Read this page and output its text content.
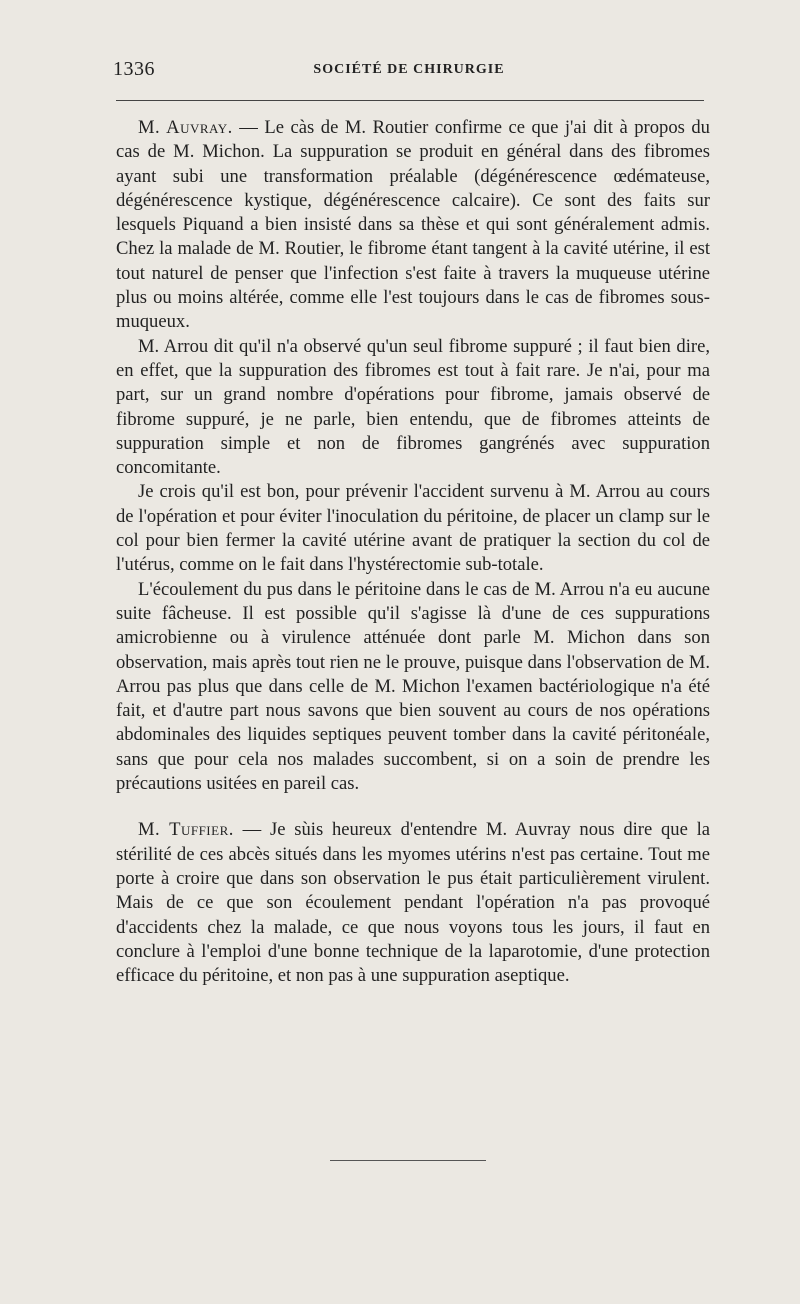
1336	SOCIÉTÉ DE CHIRURGIE

M. Auvray. — Le càs de M. Routier confirme ce que j'ai dit à propos du cas de M. Michon. La suppuration se produit en général dans des fibromes ayant subi une transformation préalable (dégénérescence œdémateuse, dégénérescence kystique, dégénérescence calcaire). Ce sont des faits sur lesquels Piquand a bien insisté dans sa thèse et qui sont généralement admis. Chez la malade de M. Routier, le fibrome étant tangent à la cavité utérine, il est tout naturel de penser que l'infection s'est faite à travers la muqueuse utérine plus ou moins altérée, comme elle l'est toujours dans le cas de fibromes sous-muqueux.

M. Arrou dit qu'il n'a observé qu'un seul fibrome suppuré ; il faut bien dire, en effet, que la suppuration des fibromes est tout à fait rare. Je n'ai, pour ma part, sur un grand nombre d'opérations pour fibrome, jamais observé de fibrome suppuré, je ne parle, bien entendu, que de fibromes atteints de suppuration simple et non de fibromes gangrénés avec suppuration concomitante.

Je crois qu'il est bon, pour prévenir l'accident survenu à M. Arrou au cours de l'opération et pour éviter l'inoculation du péritoine, de placer un clamp sur le col pour bien fermer la cavité utérine avant de pratiquer la section du col de l'utérus, comme on le fait dans l'hystérectomie sub-totale.

L'écoulement du pus dans le péritoine dans le cas de M. Arrou n'a eu aucune suite fâcheuse. Il est possible qu'il s'agisse là d'une de ces suppurations amicrobienne ou à virulence atténuée dont parle M. Michon dans son observation, mais après tout rien ne le prouve, puisque dans l'observation de M. Arrou pas plus que dans celle de M. Michon l'examen bactériologique n'a été fait, et d'autre part nous savons que bien souvent au cours de nos opérations abdominales des liquides septiques peuvent tomber dans la cavité péritonéale, sans que pour cela nos malades succombent, si on a soin de prendre les précautions usitées en pareil cas.

M. Tuffier. — Je sùis heureux d'entendre M. Auvray nous dire que la stérilité de ces abcès situés dans les myomes utérins n'est pas certaine. Tout me porte à croire que dans son observation le pus était particulièrement virulent. Mais de ce que son écoulement pendant l'opération n'a pas provoqué d'accidents chez la malade, ce que nous voyons tous les jours, il faut en conclure à l'emploi d'une bonne technique de la laparotomie, d'une protection efficace du péritoine, et non pas à une suppuration aseptique.
